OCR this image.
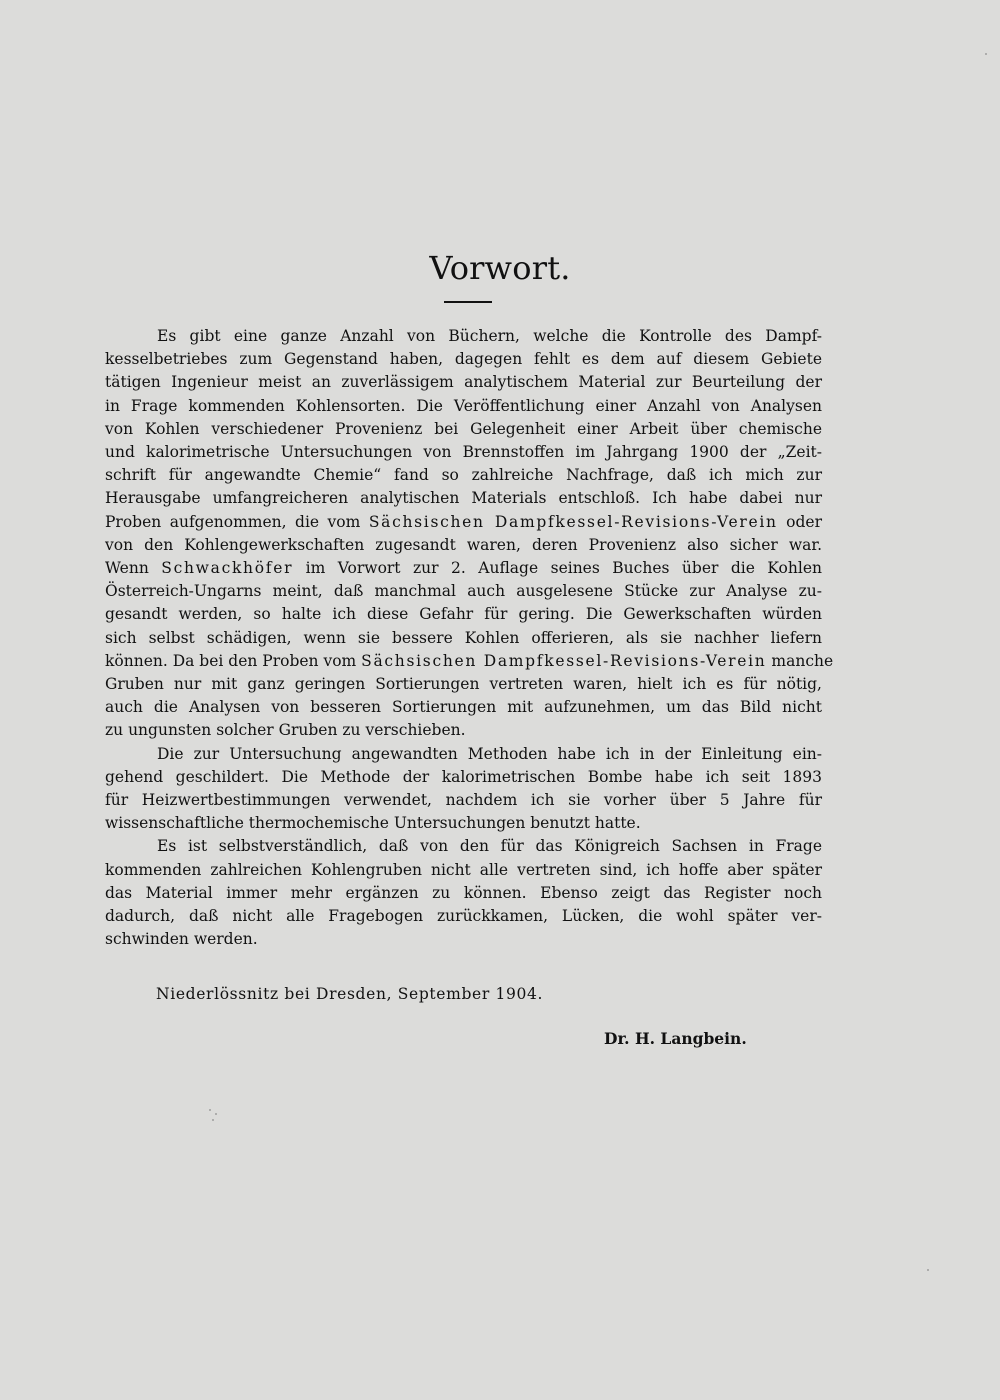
Vorwort.
Es gibt eine ganze Anzahl von Büchern, welche die Kontrolle des Dampf-
kesselbetriebes zum Gegenstand haben, dagegen fehlt es dem auf diesem Gebiete
tätigen Ingenieur meist an zuverlässigem analytischem Material zur Beurteilung der
in Frage kommenden Kohlensorten. Die Veröffentlichung einer Anzahl von Analysen
von Kohlen verschiedener Provenienz bei Gelegenheit einer Arbeit über chemische
und kalorimetrische Untersuchungen von Brennstoffen im Jahrgang 1900 der „Zeit-
schrift für angewandte Chemie“ fand so zahlreiche Nachfrage, daß ich mich zur
Herausgabe umfangreicheren analytischen Materials entschloß. Ich habe dabei nur
Proben aufgenommen, die vom Sächsischen Dampfkessel-Revisions-Verein oder
von den Kohlengewerkschaften zugesandt waren, deren Provenienz also sicher war.
Wenn Schwackhöfer im Vorwort zur 2. Auflage seines Buches über die Kohlen
Österreich-Ungarns meint, daß manchmal auch ausgelesene Stücke zur Analyse zu-
gesandt werden, so halte ich diese Gefahr für gering. Die Gewerkschaften würden
sich selbst schädigen, wenn sie bessere Kohlen offerieren, als sie nachher liefern
können. Da bei den Proben vom Sächsischen Dampfkessel-Revisions-Verein manche
Gruben nur mit ganz geringen Sortierungen vertreten waren, hielt ich es für nötig,
auch die Analysen von besseren Sortierungen mit aufzunehmen, um das Bild nicht
zu ungunsten solcher Gruben zu verschieben.
Die zur Untersuchung angewandten Methoden habe ich in der Einleitung ein-
gehend geschildert. Die Methode der kalorimetrischen Bombe habe ich seit 1893
für Heizwertbestimmungen verwendet, nachdem ich sie vorher über 5 Jahre für
wissenschaftliche thermochemische Untersuchungen benutzt hatte.
Es ist selbstverständlich, daß von den für das Königreich Sachsen in Frage
kommenden zahlreichen Kohlengruben nicht alle vertreten sind, ich hoffe aber später
das Material immer mehr ergänzen zu können. Ebenso zeigt das Register noch
dadurch, daß nicht alle Fragebogen zurückkamen, Lücken, die wohl später ver-
schwinden werden.
Niederlössnitz bei Dresden, September 1904.
Dr. H. Langbein.
